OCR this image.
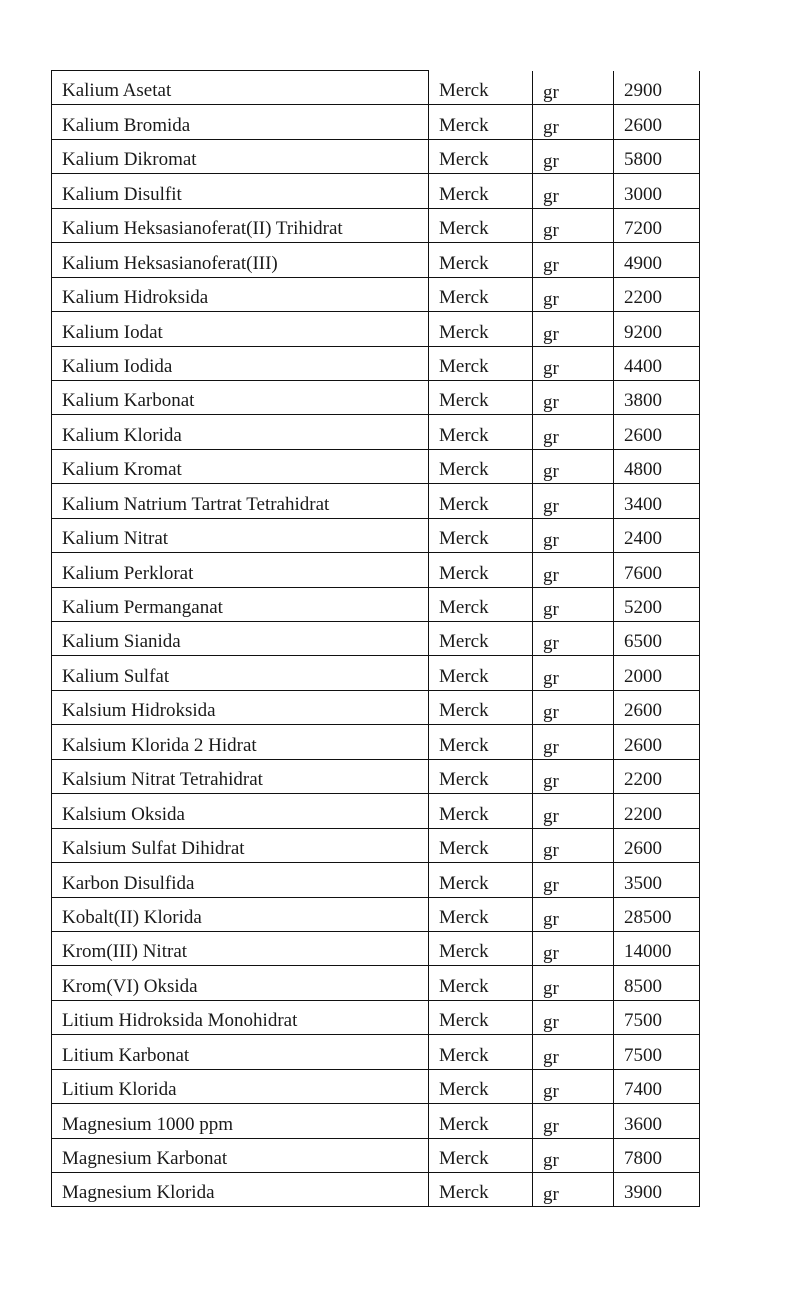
Kalium Asetat	Merck	gr	2900
Kalium Bromida	Merck	gr	2600
Kalium Dikromat	Merck	gr	5800
Kalium Disulfit	Merck	gr	3000
Kalium Heksasianoferat(II) Trihidrat	Merck	gr	7200
Kalium Heksasianoferat(III)	Merck	gr	4900
Kalium Hidroksida	Merck	gr	2200
Kalium Iodat	Merck	gr	9200
Kalium Iodida	Merck	gr	4400
Kalium Karbonat	Merck	gr	3800
Kalium Klorida	Merck	gr	2600
Kalium Kromat	Merck	gr	4800
Kalium Natrium Tartrat Tetrahidrat	Merck	gr	3400
Kalium Nitrat	Merck	gr	2400
Kalium Perklorat	Merck	gr	7600
Kalium Permanganat	Merck	gr	5200
Kalium Sianida	Merck	gr	6500
Kalium Sulfat	Merck	gr	2000
Kalsium Hidroksida	Merck	gr	2600
Kalsium Klorida 2 Hidrat	Merck	gr	2600
Kalsium Nitrat Tetrahidrat	Merck	gr	2200
Kalsium Oksida	Merck	gr	2200
Kalsium Sulfat Dihidrat	Merck	gr	2600
Karbon Disulfida	Merck	gr	3500
Kobalt(II) Klorida	Merck	gr	28500
Krom(III) Nitrat	Merck	gr	14000
Krom(VI) Oksida	Merck	gr	8500
Litium Hidroksida Monohidrat	Merck	gr	7500
Litium Karbonat	Merck	gr	7500
Litium Klorida	Merck	gr	7400
Magnesium 1000 ppm	Merck	gr	3600
Magnesium Karbonat	Merck	gr	7800
Magnesium Klorida	Merck	gr	3900
